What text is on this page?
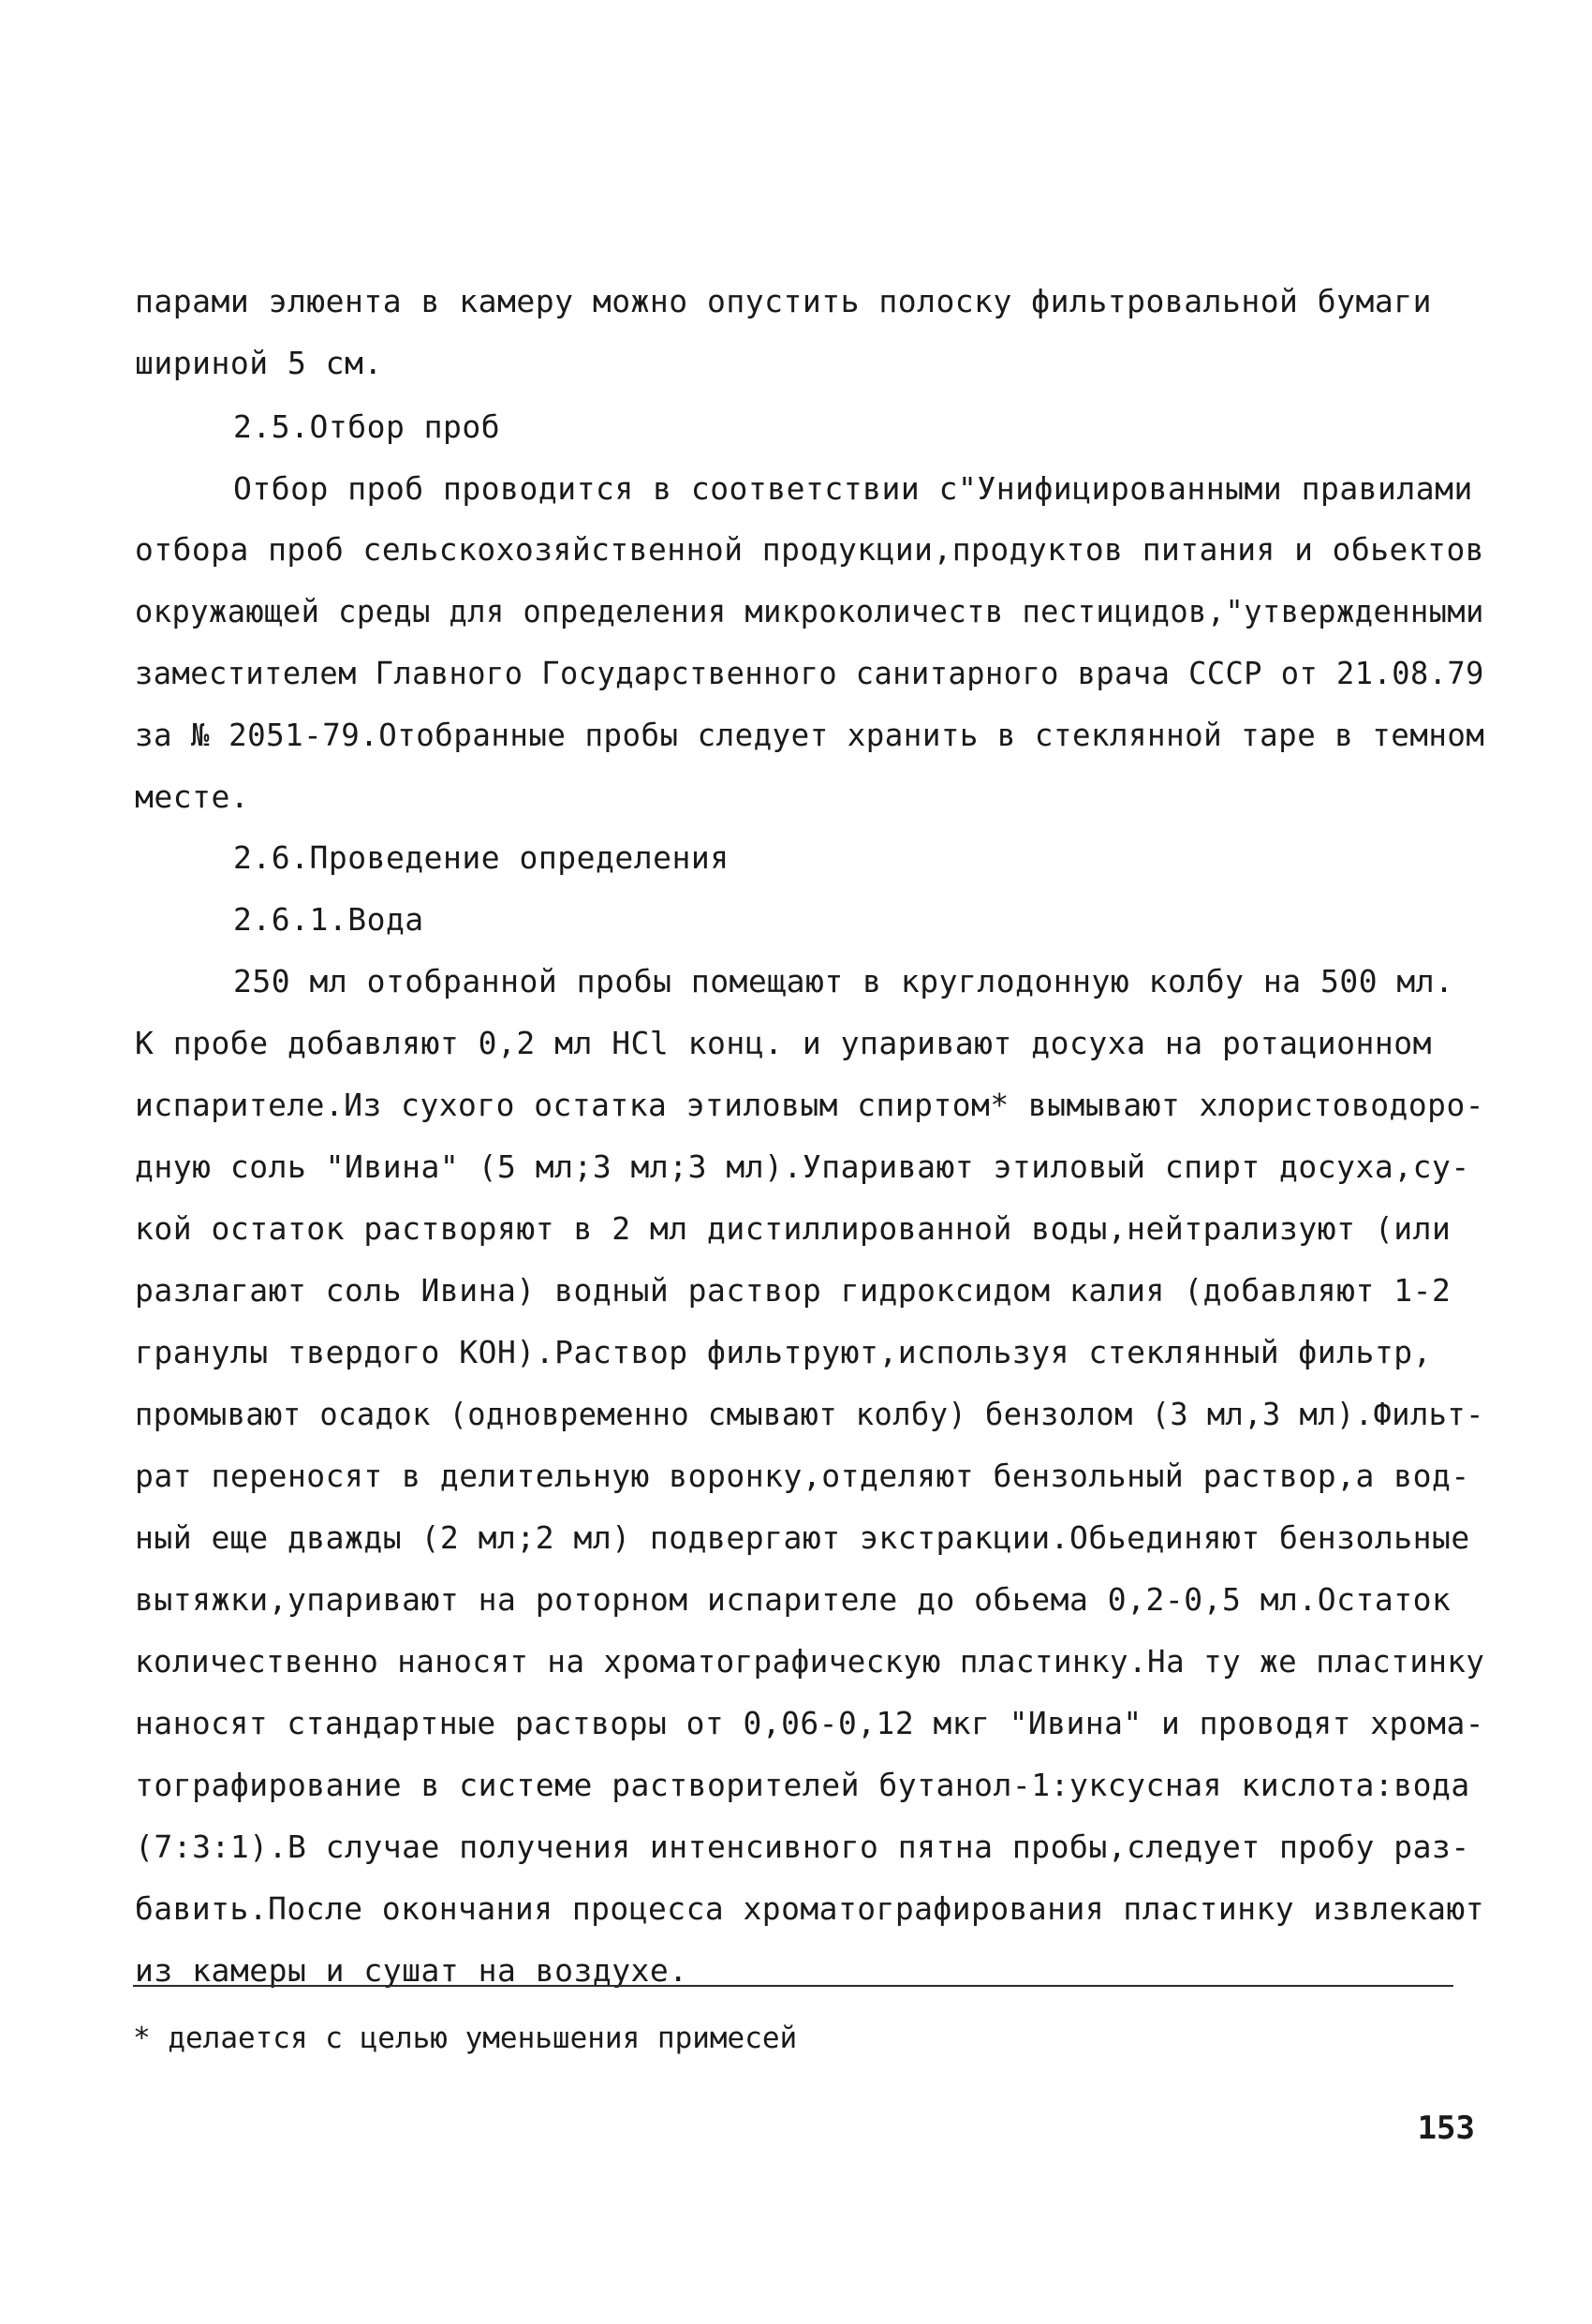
парами элюента в камеру можно опустить полоску фильтровальной бумаги
шириной 5 см.
2.5.Отбор проб
Отбор проб проводится в соответствии с"Унифицированными правилами
отбора проб сельскохозяйственной продукции,продуктов питания и обьектов
окружающей среды для определения микроколичеств пестицидов,"утвержденными
заместителем Главного Государственного санитарного врача СССР от 21.08.79
за № 2051-79.Отобранные пробы следует хранить в стеклянной таре в темном
месте.
2.6.Проведение определения
2.6.1.Вода
250 мл отобранной пробы помещают в круглодонную колбу на 500 мл.
К пробе добавляют 0,2 мл HCl конц. и упаривают досуха на ротационном
испарителе.Из сухого остатка этиловым спиртом* вымывают хлористоводоро-
дную соль "Ивина" (5 мл;3 мл;3 мл).Упаривают этиловый спирт досуха,су-
кой остаток растворяют в 2 мл дистиллированной воды,нейтрализуют (или
разлагают соль Ивина) водный раствор гидроксидом калия (добавляют 1-2
гранулы твердого КОН).Раствор фильтруют,используя стеклянный фильтр,
промывают осадок (одновременно смывают колбу) бензолом (3 мл,3 мл).Фильт-
рат переносят в делительную воронку,отделяют бензольный раствор,а вод-
ный еще дважды (2 мл;2 мл) подвергают экстракции.Обьединяют бензольные
вытяжки,упаривают на роторном испарителе до обьема 0,2-0,5 мл.Остаток
количественно наносят на хроматографическую пластинку.На ту же пластинку
наносят стандартные растворы от 0,06-0,12 мкг "Ивина" и проводят хрома-
тографирование в системе растворителей бутанол-1:уксусная кислота:вода
(7:3:1).В случае получения интенсивного пятна пробы,следует пробу раз-
бавить.После окончания процесса хроматографирования пластинку извлекают
из камеры и сушат на воздухе.
* делается с целью уменьшения примесей
153
